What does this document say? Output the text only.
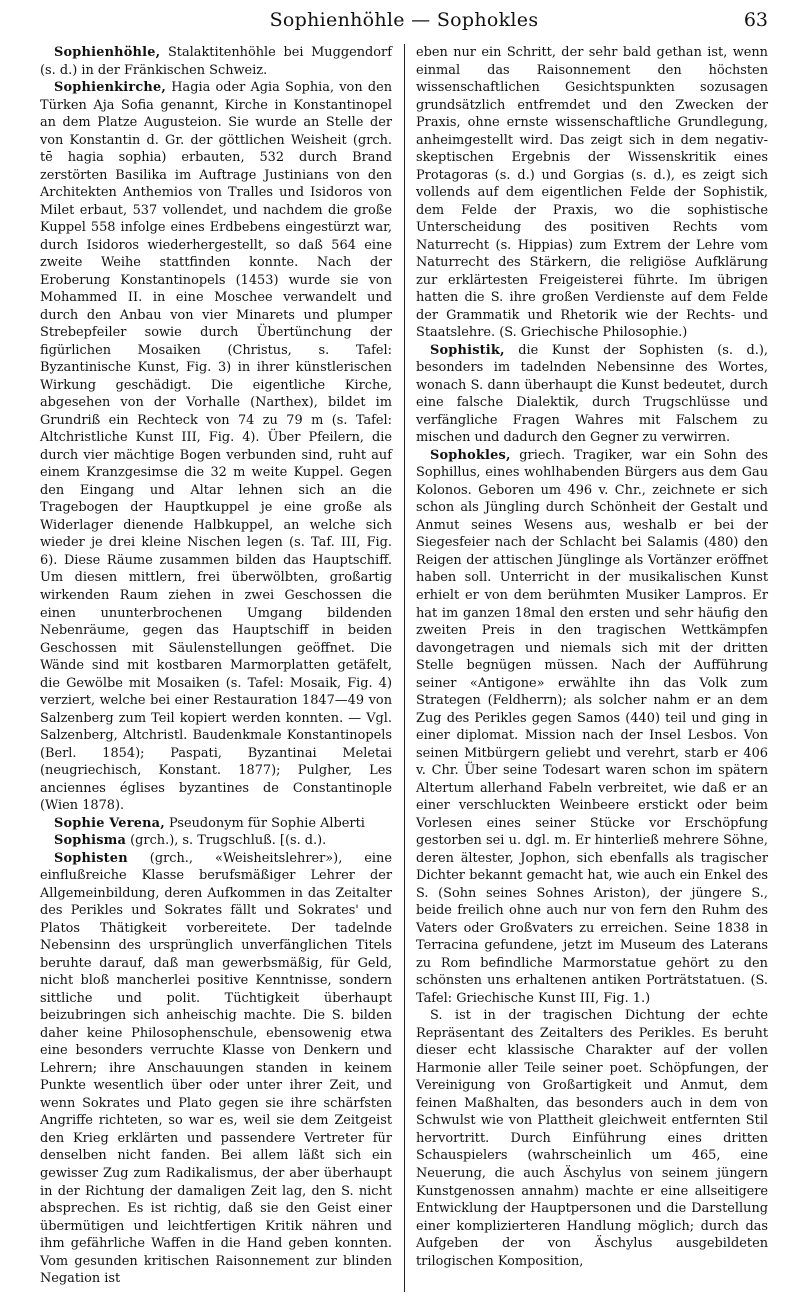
Sophienhöhle — Sophokles	63

Sophienhöhle, Stalaktitenhöhle bei Muggendorf (s. d.) in der Fränkischen Schweiz.

Sophienkirche, Hagia oder Agia Sophia, von den Türken Aja Sofia genannt, Kirche in Konstantinopel an dem Platze Augusteion. Sie wurde an Stelle der von Konstantin d. Gr. der göttlichen Weisheit (grch. tē hagia sophia) erbauten, 532 durch Brand zerstörten Basilika im Auftrage Justinians von den Architekten Anthemios von Tralles und Isidoros von Milet erbaut, 537 vollendet, und nachdem die große Kuppel 558 infolge eines Erdbebens eingestürzt war, durch Isidoros wiederhergestellt, so daß 564 eine zweite Weihe stattfinden konnte. Nach der Eroberung Konstantinopels (1453) wurde sie von Mohammed II. in eine Moschee verwandelt und durch den Anbau von vier Minarets und plumper Strebepfeiler sowie durch Übertünchung der figürlichen Mosaiken (Christus, s. Tafel: Byzantinische Kunst, Fig. 3) in ihrer künstlerischen Wirkung geschädigt. Die eigentliche Kirche, abgesehen von der Vorhalle (Narthex), bildet im Grundriß ein Rechteck von 74 zu 79 m (s. Tafel: Altchristliche Kunst III, Fig. 4). Über Pfeilern, die durch vier mächtige Bogen verbunden sind, ruht auf einem Kranzgesimse die 32 m weite Kuppel. Gegen den Eingang und Altar lehnen sich an die Tragebogen der Hauptkuppel je eine große als Widerlager dienende Halbkuppel, an welche sich wieder je drei kleine Nischen legen (s. Taf. III, Fig. 6). Diese Räume zusammen bilden das Hauptschiff. Um diesen mittlern, frei überwölbten, großartig wirkenden Raum ziehen in zwei Geschossen die einen ununterbrochenen Umgang bildenden Nebenräume, gegen das Hauptschiff in beiden Geschossen mit Säulenstellungen geöffnet. Die Wände sind mit kostbaren Marmorplatten getäfelt, die Gewölbe mit Mosaiken (s. Tafel: Mosaik, Fig. 4) verziert, welche bei einer Restauration 1847—49 von Salzenberg zum Teil kopiert werden konnten. — Vgl. Salzenberg, Altchristl. Baudenkmale Konstantinopels (Berl. 1854); Paspati, Byzantinai Meletai (neugriechisch, Konstant. 1877); Pulgher, Les anciennes églises byzantines de Constantinople (Wien 1878).

Sophie Verena, Pseudonym für Sophie Alberti

Sophisma (grch.), s. Trugschluß. [(s. d.).

Sophisten (grch., «Weisheitslehrer»), eine einflußreiche Klasse berufsmäßiger Lehrer der Allgemeinbildung, deren Aufkommen in das Zeitalter des Perikles und Sokrates fällt und Sokrates' und Platos Thätigkeit vorbereitete. Der tadelnde Nebensinn des ursprünglich unverfänglichen Titels beruhte darauf, daß man gewerbsmäßig, für Geld, nicht bloß mancherlei positive Kenntnisse, sondern sittliche und polit. Tüchtigkeit überhaupt beizubringen sich anheischig machte. Die S. bilden daher keine Philosophenschule, ebensowenig etwa eine besonders verruchte Klasse von Denkern und Lehrern; ihre Anschauungen standen in keinem Punkte wesentlich über oder unter ihrer Zeit, und wenn Sokrates und Plato gegen sie ihre schärfsten Angriffe richteten, so war es, weil sie dem Zeitgeist den Krieg erklärten und passendere Vertreter für denselben nicht fanden. Bei allem läßt sich ein gewisser Zug zum Radikalismus, der aber überhaupt in der Richtung der damaligen Zeit lag, den S. nicht absprechen. Es ist richtig, daß sie den Geist einer übermütigen und leichtfertigen Kritik nähren und ihm gefährliche Waffen in die Hand geben konnten. Vom gesunden kritischen Raisonnement zur blinden Negation ist

eben nur ein Schritt, der sehr bald gethan ist, wenn einmal das Raisonnement den höchsten wissenschaftlichen Gesichtspunkten sozusagen grundsätzlich entfremdet und den Zwecken der Praxis, ohne ernste wissenschaftliche Grundlegung, anheimgestellt wird. Das zeigt sich in dem negativ-skeptischen Ergebnis der Wissenskritik eines Protagoras (s. d.) und Gorgias (s. d.), es zeigt sich vollends auf dem eigentlichen Felde der Sophistik, dem Felde der Praxis, wo die sophistische Unterscheidung des positiven Rechts vom Naturrecht (s. Hippias) zum Extrem der Lehre vom Naturrecht des Stärkern, die religiöse Aufklärung zur erklärtesten Freigeisterei führte. Im übrigen hatten die S. ihre großen Verdienste auf dem Felde der Grammatik und Rhetorik wie der Rechts- und Staatslehre. (S. Griechische Philosophie.)

Sophistik, die Kunst der Sophisten (s. d.), besonders im tadelnden Nebensinne des Wortes, wonach S. dann überhaupt die Kunst bedeutet, durch eine falsche Dialektik, durch Trugschlüsse und verfängliche Fragen Wahres mit Falschem zu mischen und dadurch den Gegner zu verwirren.

Sophokles, griech. Tragiker, war ein Sohn des Sophillus, eines wohlhabenden Bürgers aus dem Gau Kolonos. Geboren um 496 v. Chr., zeichnete er sich schon als Jüngling durch Schönheit der Gestalt und Anmut seines Wesens aus, weshalb er bei der Siegesfeier nach der Schlacht bei Salamis (480) den Reigen der attischen Jünglinge als Vortänzer eröffnet haben soll. Unterricht in der musikalischen Kunst erhielt er von dem berühmten Musiker Lampros. Er hat im ganzen 18mal den ersten und sehr häufig den zweiten Preis in den tragischen Wettkämpfen davongetragen und niemals sich mit der dritten Stelle begnügen müssen. Nach der Aufführung seiner «Antigone» erwählte ihn das Volk zum Strategen (Feldherrn); als solcher nahm er an dem Zug des Perikles gegen Samos (440) teil und ging in einer diplomat. Mission nach der Insel Lesbos. Von seinen Mitbürgern geliebt und verehrt, starb er 406 v. Chr. Über seine Todesart waren schon im spätern Altertum allerhand Fabeln verbreitet, wie daß er an einer verschluckten Weinbeere erstickt oder beim Vorlesen eines seiner Stücke vor Erschöpfung gestorben sei u. dgl. m. Er hinterließ mehrere Söhne, deren ältester, Jophon, sich ebenfalls als tragischer Dichter bekannt gemacht hat, wie auch ein Enkel des S. (Sohn seines Sohnes Ariston), der jüngere S., beide freilich ohne auch nur von fern den Ruhm des Vaters oder Großvaters zu erreichen. Seine 1838 in Terracina gefundene, jetzt im Museum des Laterans zu Rom befindliche Marmorstatue gehört zu den schönsten uns erhaltenen antiken Porträtstatuen. (S. Tafel: Griechische Kunst III, Fig. 1.)

S. ist in der tragischen Dichtung der echte Repräsentant des Zeitalters des Perikles. Es beruht dieser echt klassische Charakter auf der vollen Harmonie aller Teile seiner poet. Schöpfungen, der Vereinigung von Großartigkeit und Anmut, dem feinen Maßhalten, das besonders auch in dem von Schwulst wie von Plattheit gleichweit entfernten Stil hervortritt. Durch Einführung eines dritten Schauspielers (wahrscheinlich um 465, eine Neuerung, die auch Äschylus von seinem jüngern Kunstgenossen annahm) machte er eine allseitigere Entwicklung der Hauptpersonen und die Darstellung einer komplizierteren Handlung möglich; durch das Aufgeben der von Äschylus ausgebildeten trilogischen Komposition,
